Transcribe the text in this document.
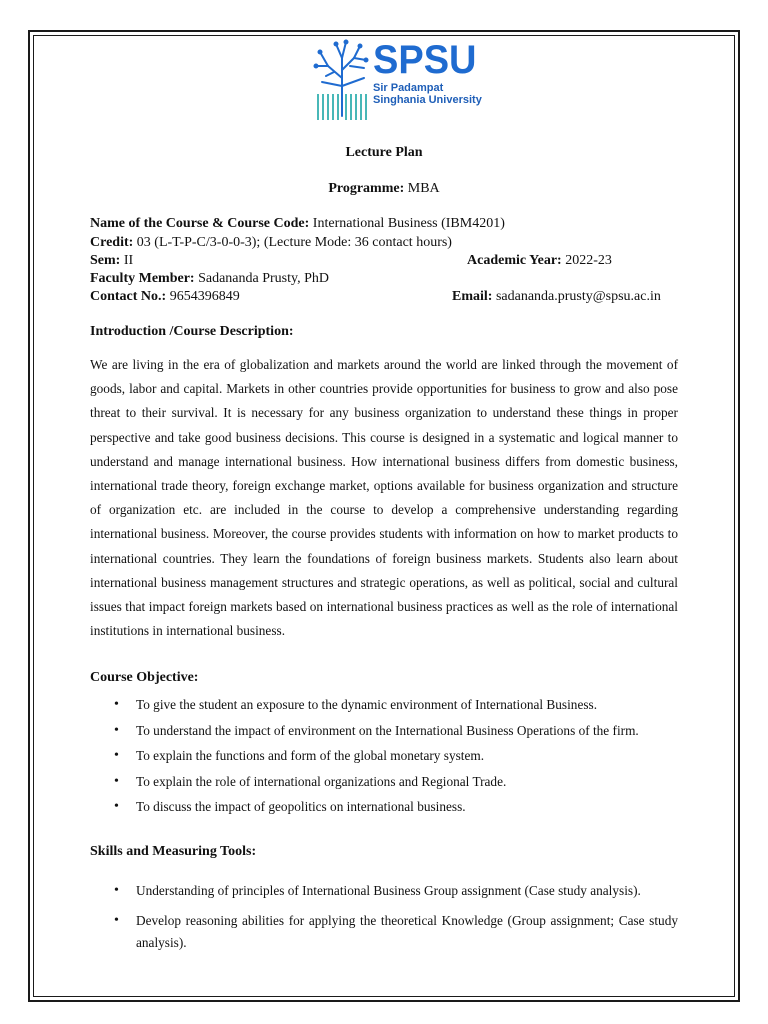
SPSU
Sir Padampat
Singhania University
Lecture Plan
Programme: MBA
Name of the Course & Course Code: International Business (IBM4201)
Credit: 03 (L-T-P-C/3-0-0-3); (Lecture Mode: 36 contact hours)
Sem: II	Academic Year: 2022-23
Faculty Member: Sadananda Prusty, PhD
Contact No.: 9654396849	Email: sadananda.prusty@spsu.ac.in
Introduction /Course Description:
We are living in the era of globalization and markets around the world are linked through the movement of goods, labor and capital. Markets in other countries provide opportunities for business to grow and also pose threat to their survival. It is necessary for any business organization to understand these things in proper perspective and take good business decisions. This course is designed in a systematic and logical manner to understand and manage international business. How international business differs from domestic business, international trade theory, foreign exchange market, options available for business organization and structure of organization etc. are included in the course to develop a comprehensive understanding regarding international business. Moreover, the course provides students with information on how to market products to international countries. They learn the foundations of foreign business markets. Students also learn about international business management structures and strategic operations, as well as political, social and cultural issues that impact foreign markets based on international business practices as well as the role of international institutions in international business.
Course Objective:
• To give the student an exposure to the dynamic environment of International Business.
• To understand the impact of environment on the International Business Operations of the firm.
• To explain the functions and form of the global monetary system.
• To explain the role of international organizations and Regional Trade.
• To discuss the impact of geopolitics on international business.
Skills and Measuring Tools:
• Understanding of principles of International Business Group assignment (Case study analysis).
• Develop reasoning abilities for applying the theoretical Knowledge (Group assignment; Case study analysis).
